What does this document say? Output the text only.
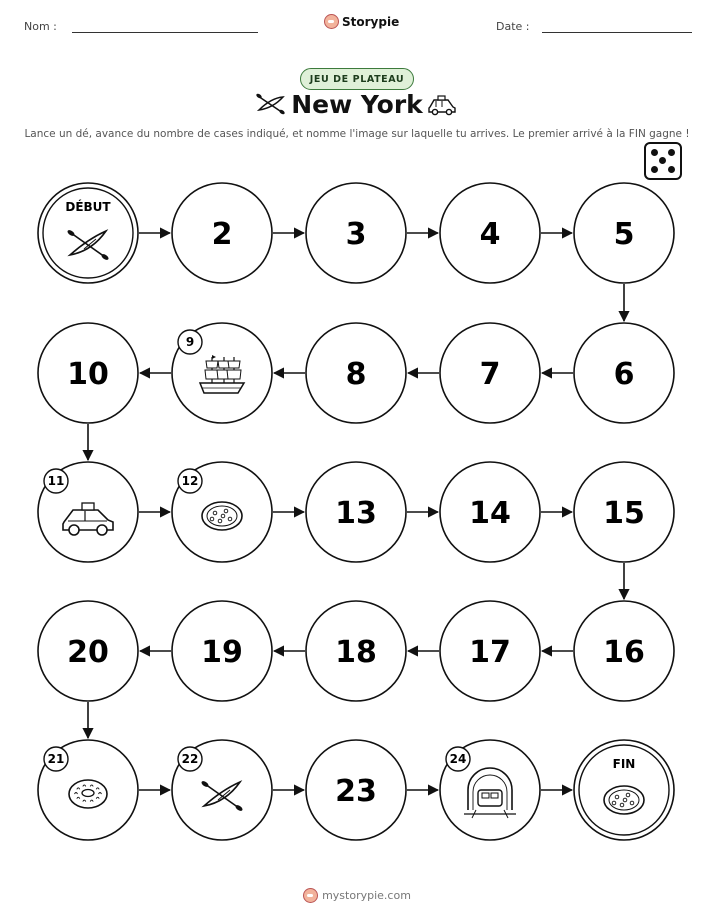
Nom :	Storypie	Date :
JEU DE PLATEAU
New York
Lance un dé, avance du nombre de cases indiqué, et nomme l'image sur laquelle tu arrives. Le premier arrivé à la FIN gagne !
DÉBUT
2	3	4	5
6
7
8
9
10
11	12
13	14	15
16
17
18
19
20
21	22
23
24	FIN
mystorypie.com
